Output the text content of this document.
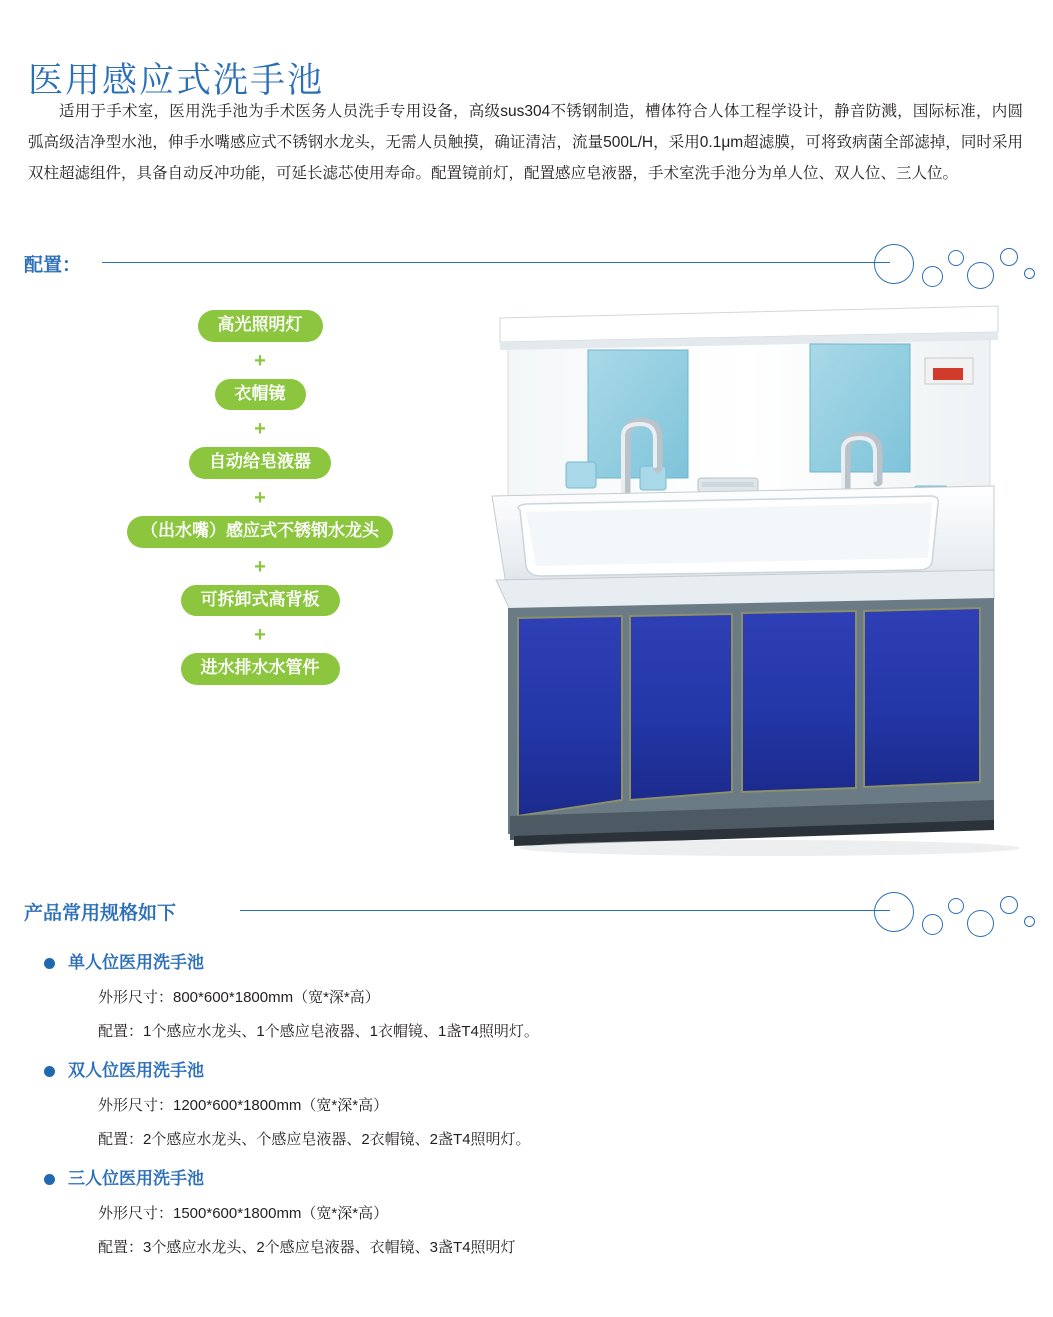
医用感应式洗手池
适用于手术室，医用洗手池为手术医务人员洗手专用设备，高级sus304不锈钢制造，槽体符合人体工程学设计，静音防溅，国际标准，内圆弧高级洁净型水池，伸手水嘴感应式不锈钢水龙头，无需人员触摸，确证清洁，流量500L/H，采用0.1μm超滤膜，可将致病菌全部滤掉，同时采用双柱超滤组件，具备自动反冲功能，可延长滤芯使用寿命。配置镜前灯，配置感应皂液器，手术室洗手池分为单人位、双人位、三人位。
配置：
高光照明灯
+
衣帽镜
+
自动给皂液器
+
（出水嘴）感应式不锈钢水龙头
+
可拆卸式高背板
+
进水排水水管件
产品常用规格如下
单人位医用洗手池
外形尺寸：800*600*1800mm（宽*深*高）
配置：1个感应水龙头、1个感应皂液器、1衣帽镜、1盏T4照明灯。
双人位医用洗手池
外形尺寸：1200*600*1800mm（宽*深*高）
配置：2个感应水龙头、个感应皂液器、2衣帽镜、2盏T4照明灯。
三人位医用洗手池
外形尺寸：1500*600*1800mm（宽*深*高）
配置：3个感应水龙头、2个感应皂液器、衣帽镜、3盏T4照明灯
